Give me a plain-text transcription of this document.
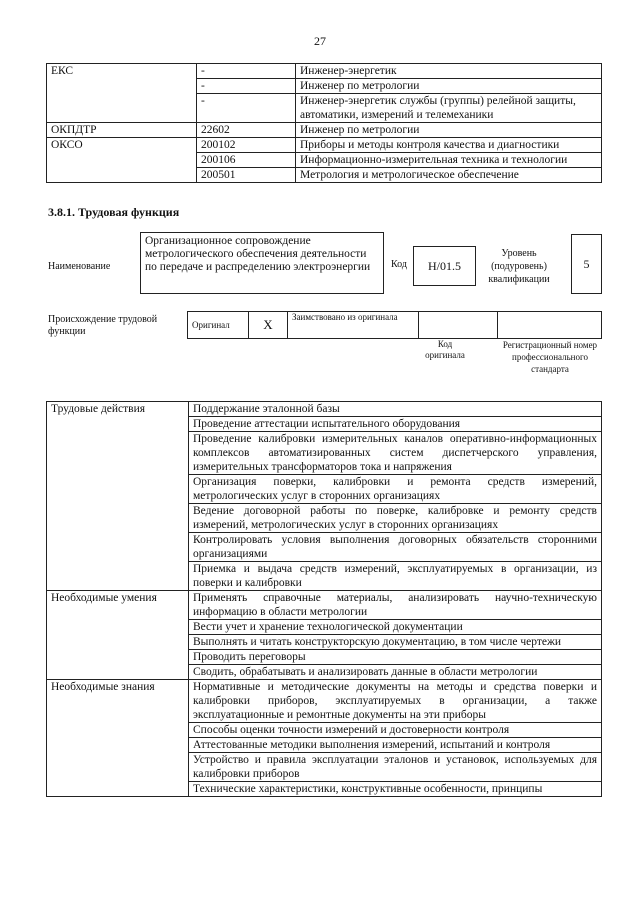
27
ЕКС	-	Инженер-энергетик
	-	Инженер по метрологии
	-	Инженер-энергетик службы (группы) релейной защиты, автоматики, измерений и телемеханики
ОКПДТР	22602	Инженер по метрологии
ОКСО	200102	Приборы и методы контроля качества и диагностики
	200106	Информационно-измерительная техника и технологии
	200501	Метрология и метрологическое обеспечение
3.8.1. Трудовая функция
Наименование
Организационное сопровождение метрологического обеспечения деятельности по передаче и распределению электроэнергии	Код	H/01.5
Уровень (подуровень) квалификации
5
Происхождение трудовой функции
Оригинал	X	Заимствовано из оригинала		
Код оригинала
Регистрационный номер профессионального стандарта
Трудовые действия	Поддержание эталонной базы
	Проведение аттестации испытательного оборудования
	Проведение калибровки измерительных каналов оперативно-информационных комплексов автоматизированных систем диспетчерского управления, измерительных трансформаторов тока и напряжения
	Организация поверки, калибровки и ремонта средств измерений, метрологических услуг в сторонних организациях
	Ведение договорной работы по поверке, калибровке и ремонту средств измерений, метрологических услуг в сторонних организациях
	Контролировать условия выполнения договорных обязательств сторонними организациями
	Приемка и выдача средств измерений, эксплуатируемых в организации, из поверки и калибровки
Необходимые умения	Применять справочные материалы, анализировать научно-техническую информацию в области метрологии
	Вести учет и хранение технологической документации
	Выполнять и читать конструкторскую документацию, в том числе чертежи
	Проводить переговоры
	Сводить, обрабатывать и анализировать данные в области метрологии
Необходимые знания	Нормативные и методические документы на методы и средства поверки и калибровки приборов, эксплуатируемых в организации, а также эксплуатационные и ремонтные документы на эти приборы
	Способы оценки точности измерений и достоверности контроля
	Аттестованные методики выполнения измерений, испытаний и контроля
	Устройство и правила эксплуатации эталонов и установок, используемых для калибровки приборов
	Технические характеристики, конструктивные особенности, принципы
